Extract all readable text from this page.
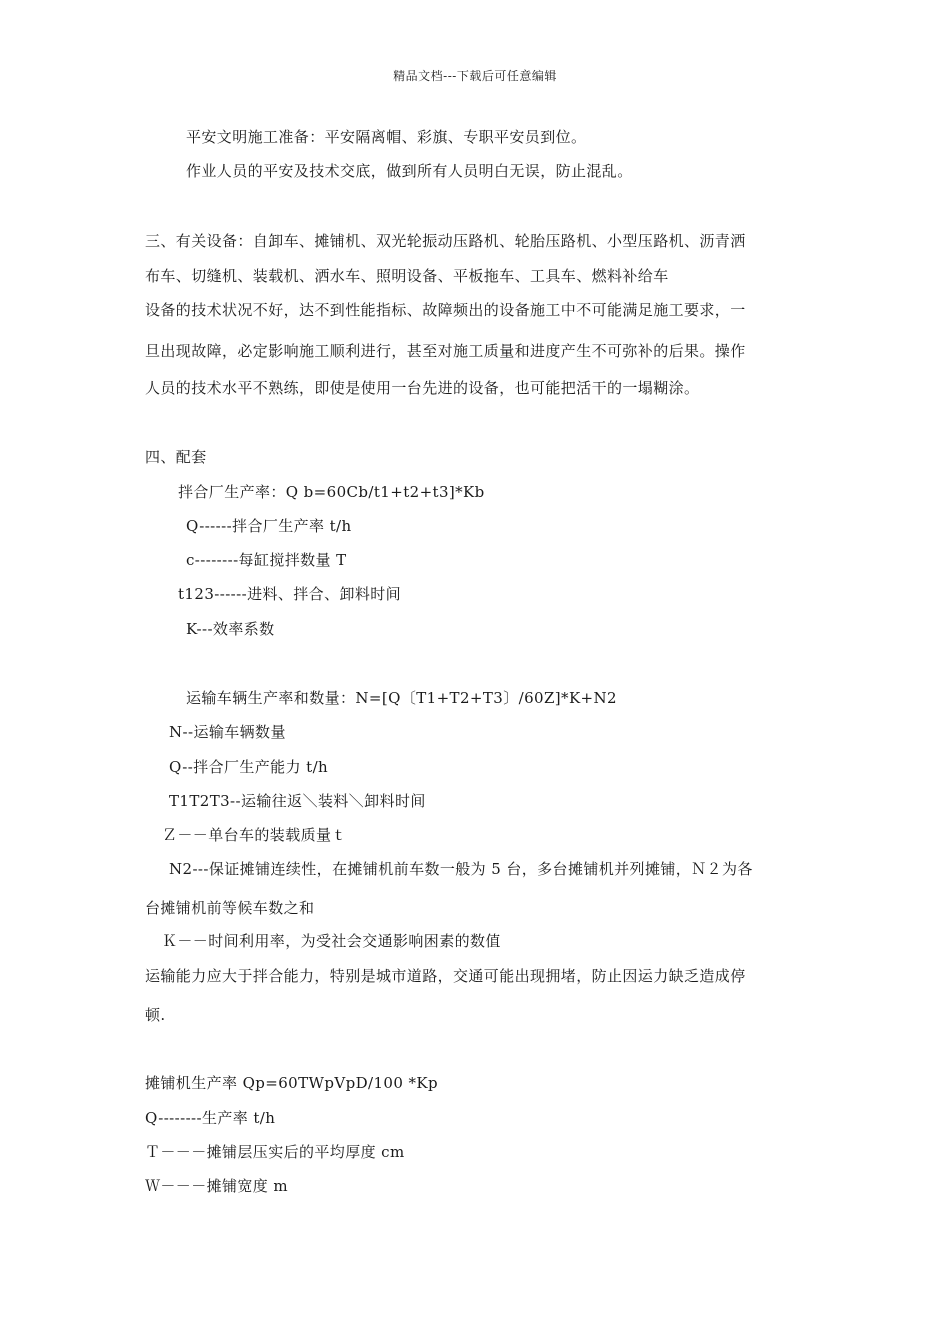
精品文档---下载后可任意编辑
平安文明施工准备：平安隔离帽、彩旗、专职平安员到位。
作业人员的平安及技术交底，做到所有人员明白无误，防止混乱。
三、有关设备：自卸车、摊铺机、双光轮振动压路机、轮胎压路机、小型压路机、沥青洒
布车、切缝机、装载机、洒水车、照明设备、平板拖车、工具车、燃料补给车
设备的技术状况不好，达不到性能指标、故障频出的设备施工中不可能满足施工要求，一
旦出现故障，必定影响施工顺利进行，甚至对施工质量和进度产生不可弥补的后果。操作
人员的技术水平不熟练，即使是使用一台先进的设备，也可能把活干的一塌糊涂。
四、配套
拌合厂生产率：Q b=60Cb/t1+t2+t3]*Kb
Q------拌合厂生产率 t/h
c--------每缸搅拌数量 T
t123------进料、拌合、卸料时间
K---效率系数
运输车辆生产率和数量：N=[Q〔T1+T2+T3〕/60Z]*K+N2
N--运输车辆数量
Q--拌合厂生产能力 t/h
T1T2T3--运输往返＼装料＼卸料时间
Ｚ－－单台车的装载质量ｔ
N2---保证摊铺连续性，在摊铺机前车数一般为 5 台，多台摊铺机并列摊铺，Ｎ２为各
台摊铺机前等候车数之和
Ｋ－－时间利用率，为受社会交通影响困素的数值
运输能力应大于拌合能力，特别是城市道路，交通可能出现拥堵，防止因运力缺乏造成停
顿.
摊铺机生产率 Qp=60TWpVpD/100 *Kp
Q--------生产率 t/h
Ｔ－－－摊铺层压实后的平均厚度 cm
Ｗ－－－摊铺宽度 m
